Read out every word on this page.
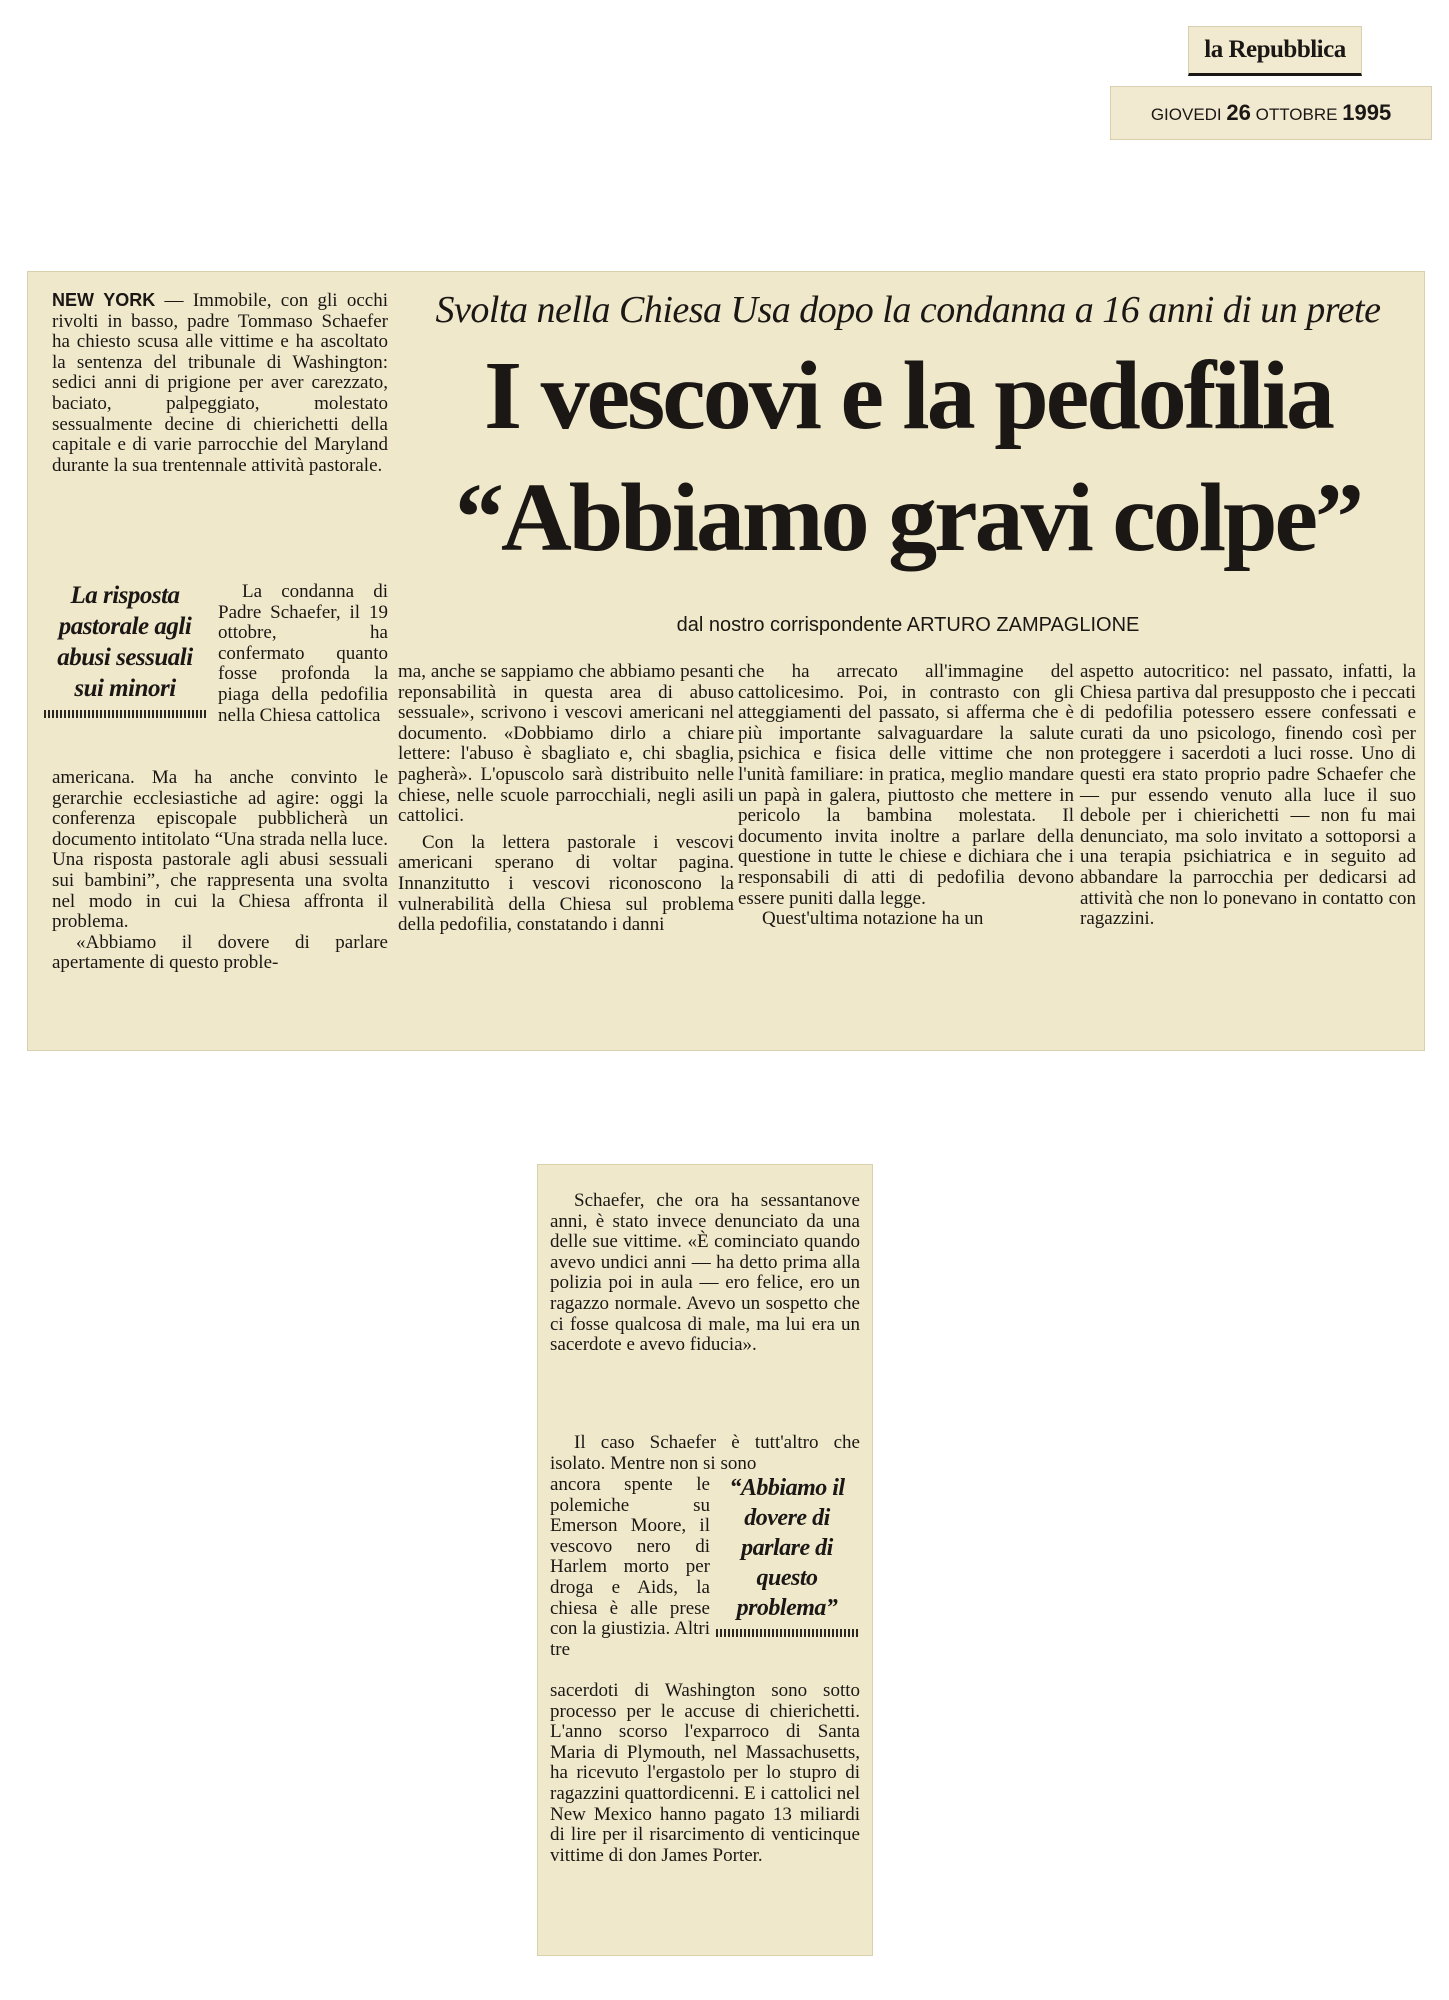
la Repubblica
GIOVEDI 26 OTTOBRE 1995
Svolta nella Chiesa Usa dopo la condanna a 16 anni di un prete
I vescovi e la pedofilia
“Abbiamo gravi colpe”
dal nostro corrispondente ARTURO ZAMPAGLIONE

NEW YORK — Immobile, con gli occhi rivolti in basso, padre Tommaso Schaefer ha chiesto scusa alle vittime e ha ascoltato la sentenza del tribunale di Washington: sedici anni di prigione per aver carezzato, baciato, palpeggiato, molestato sessualmente decine di chierichetti della capitale e di varie parrocchie del Maryland durante la sua trentennale attività pastorale.

La risposta pastorale agli abusi sessuali sui minori

La condanna di Padre Schaefer, il 19 ottobre, ha confermato quanto fosse profonda la piaga della pedofilia nella Chiesa cattolica

americana. Ma ha anche convinto le gerarchie ecclesiastiche ad agire: oggi la conferenza episcopale pubblicherà un documento intitolato “Una strada nella luce. Una risposta pastorale agli abusi sessuali sui bambini”, che rappresenta una svolta nel modo in cui la Chiesa affronta il problema.

«Abbiamo il dovere di parlare apertamente di questo proble-

ma, anche se sappiamo che abbiamo pesanti reponsabilità in questa area di abuso sessuale», scrivono i vescovi americani nel documento. «Dobbiamo dirlo a chiare lettere: l'abuso è sbagliato e, chi sbaglia, pagherà». L'opuscolo sarà distribuito nelle chiese, nelle scuole parrocchiali, negli asili cattolici.

Con la lettera pastorale i vescovi americani sperano di voltar pagina. Innanzitutto i vescovi riconoscono la vulnerabilità della Chiesa sul problema della pedofilia, constatando i danni

che ha arrecato all'immagine del cattolicesimo. Poi, in contrasto con gli atteggiamenti del passato, si afferma che è più importante salvaguardare la salute psichica e fisica delle vittime che non l'unità familiare: in pratica, meglio mandare un papà in galera, piuttosto che mettere in pericolo la bambina molestata. Il documento invita inoltre a parlare della questione in tutte le chiese e dichiara che i responsabili di atti di pedofilia devono essere puniti dalla legge.

Quest'ultima notazione ha un

aspetto autocritico: nel passato, infatti, la Chiesa partiva dal presupposto che i peccati di pedofilia potessero essere confessati e curati da uno psicologo, finendo così per proteggere i sacerdoti a luci rosse. Uno di questi era stato proprio padre Schaefer che — pur essendo venuto alla luce il suo debole per i chierichetti — non fu mai denunciato, ma solo invitato a sottoporsi a una terapia psichiatrica e in seguito ad abbandare la parrocchia per dedicarsi ad attività che non lo ponevano in contatto con ragazzini.

Schaefer, che ora ha sessantanove anni, è stato invece denunciato da una delle sue vittime. «È cominciato quando avevo undici anni — ha detto prima alla polizia poi in aula — ero felice, ero un ragazzo normale. Avevo un sospetto che ci fosse qualcosa di male, ma lui era un sacerdote e avevo fiducia».

Il caso Schaefer è tutt'altro che isolato. Mentre non si sono

ancora spente le polemiche su Emerson Moore, il vescovo nero di Harlem morto per droga e Aids, la chiesa è alle prese con la giustizia. Altri tre

“Abbiamo il dovere di parlare di questo problema”

sacerdoti di Washington sono sotto processo per le accuse di chierichetti. L'anno scorso l'exparroco di Santa Maria di Plymouth, nel Massachusetts, ha ricevuto l'ergastolo per lo stupro di ragazzini quattordicenni. E i cattolici nel New Mexico hanno pagato 13 miliardi di lire per il risarcimento di venticinque vittime di don James Porter.
